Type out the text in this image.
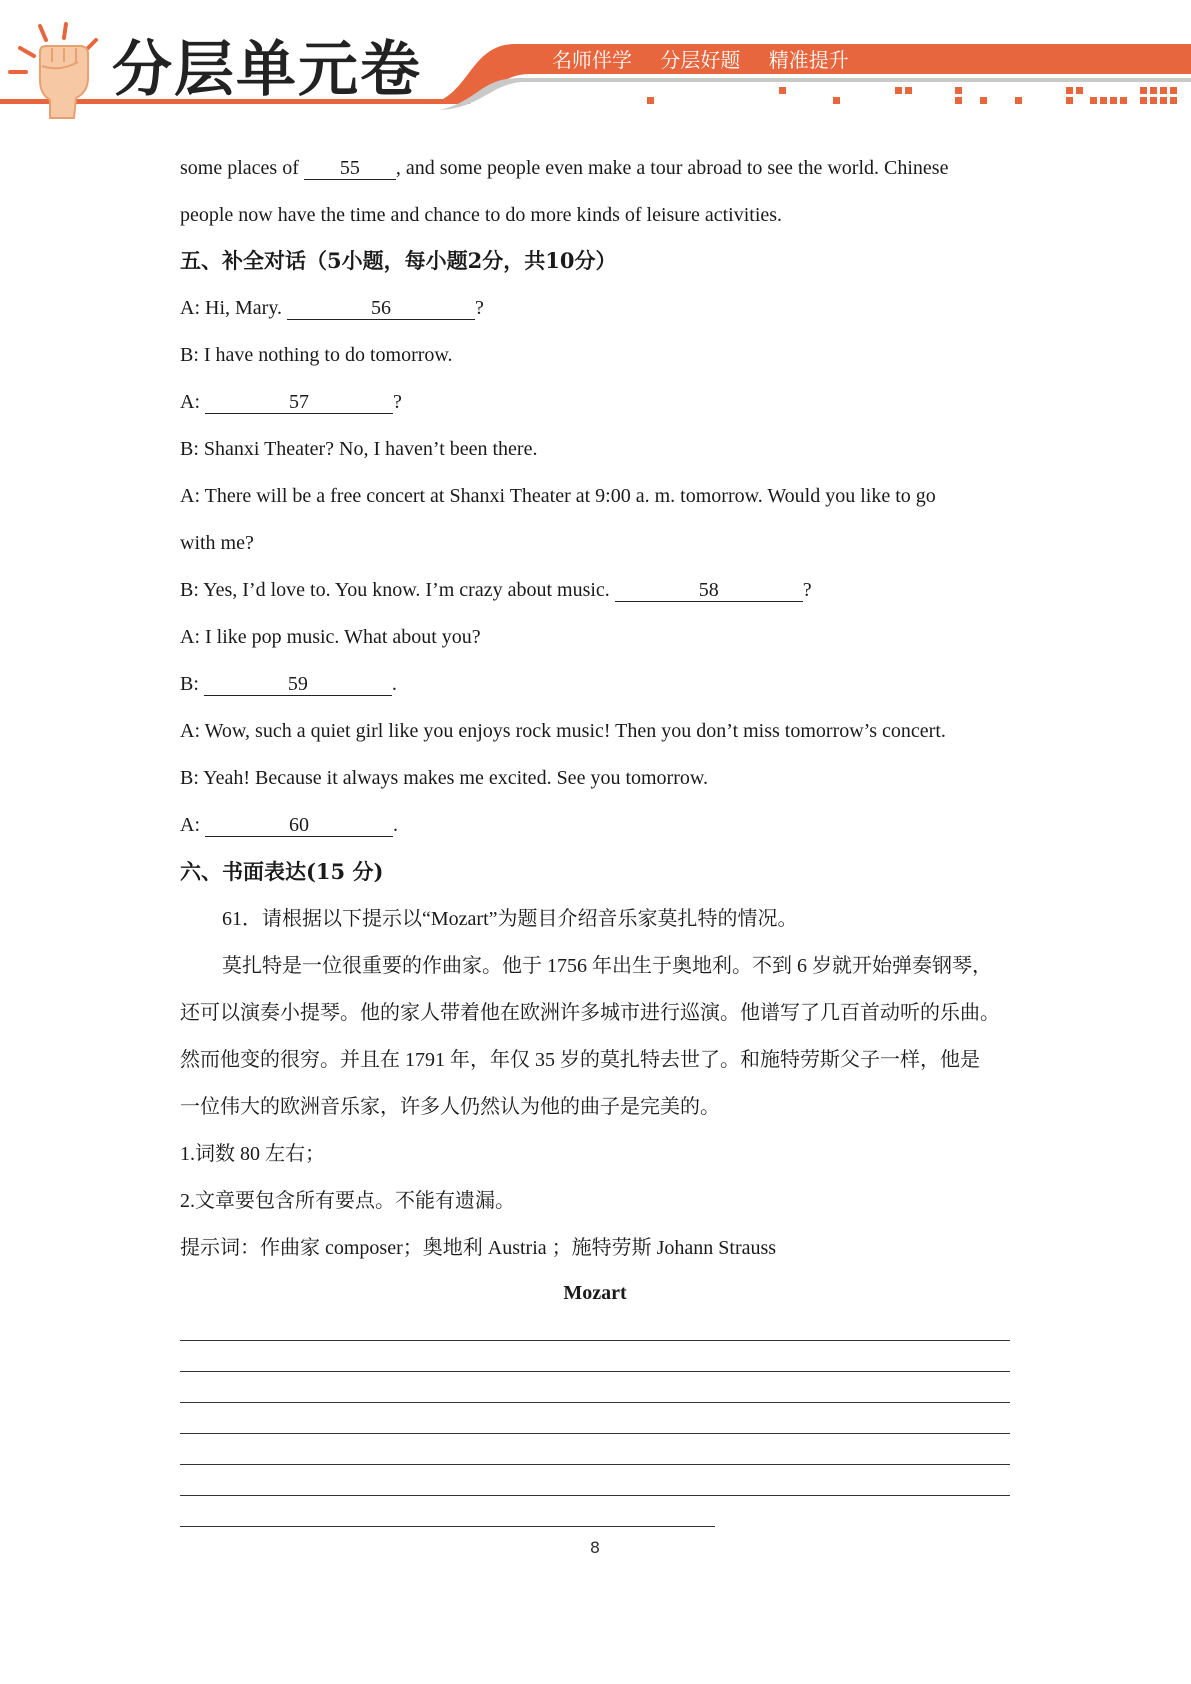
分层单元卷	名师伴学 分层好题 精准提升
some places of 55 , and some people even make a tour abroad to see the world. Chinese
people now have the time and chance to do more kinds of leisure activities.
五、补全对话（5小题，每小题2分，共10分）
A: Hi, Mary.	56	?
B: I have nothing to do tomorrow.
A:	57	?
B: Shanxi Theater? No, I haven’t been there.
A: There will be a free concert at Shanxi Theater at 9:00 a. m. tomorrow. Would you like to go
with me?
B: Yes, I’d love to. You know. I’m crazy about music.	58	?
A: I like pop music. What about you?
B:	59	.
A: Wow, such a quiet girl like you enjoys rock music! Then you don’t miss tomorrow’s concert.
B: Yeah! Because it always makes me excited. See you tomorrow.
A:	60	.
六、书面表达(15 分)
61．请根据以下提示以“Mozart”为题目介绍音乐家莫扎特的情况。
莫扎特是一位很重要的作曲家。他于 1756 年出生于奥地利。不到 6 岁就开始弹奏钢琴，
还可以演奏小提琴。他的家人带着他在欧洲许多城市进行巡演。他谱写了几百首动听的乐曲。
然而他变的很穷。并且在 1791 年，年仅 35 岁的莫扎特去世了。和施特劳斯父子一样，他是
一位伟大的欧洲音乐家，许多人仍然认为他的曲子是完美的。
1.词数 80 左右；
2.文章要包含所有要点。不能有遗漏。
提示词：作曲家 composer；奥地利 Austria ；施特劳斯 Johann Strauss
Mozart
8
